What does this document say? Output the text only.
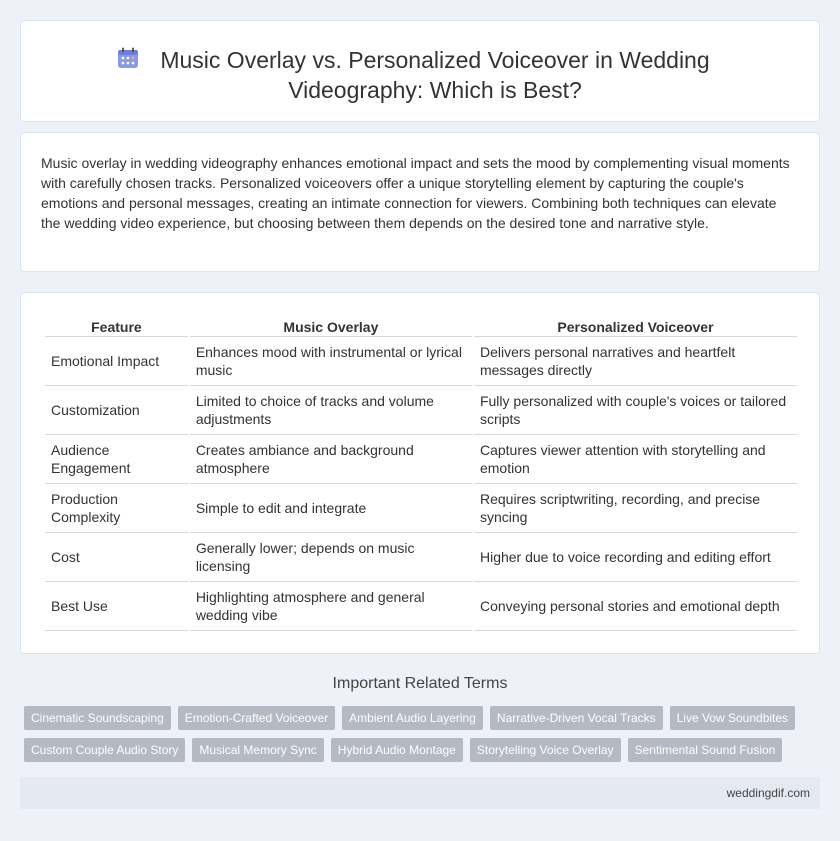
Music Overlay vs. Personalized Voiceover in Wedding Videography: Which is Best?

Music overlay in wedding videography enhances emotional impact and sets the mood by complementing visual moments with carefully chosen tracks. Personalized voiceovers offer a unique storytelling element by capturing the couple's emotions and personal messages, creating an intimate connection for viewers. Combining both techniques can elevate the wedding video experience, but choosing between them depends on the desired tone and narrative style.

Feature	Music Overlay	Personalized Voiceover
Emotional Impact	Enhances mood with instrumental or lyrical music	Delivers personal narratives and heartfelt messages directly
Customization	Limited to choice of tracks and volume adjustments	Fully personalized with couple's voices or tailored scripts
Audience Engagement	Creates ambiance and background atmosphere	Captures viewer attention with storytelling and emotion
Production Complexity	Simple to edit and integrate	Requires scriptwriting, recording, and precise syncing
Cost	Generally lower; depends on music licensing	Higher due to voice recording and editing effort
Best Use	Highlighting atmosphere and general wedding vibe	Conveying personal stories and emotional depth
Important Related Terms
Cinematic Soundscaping	Emotion-Crafted Voiceover	Ambient Audio Layering	Narrative-Driven Vocal Tracks	Live Vow Soundbites
Custom Couple Audio Story	Musical Memory Sync	Hybrid Audio Montage	Storytelling Voice Overlay	Sentimental Sound Fusion
weddingdif.com
